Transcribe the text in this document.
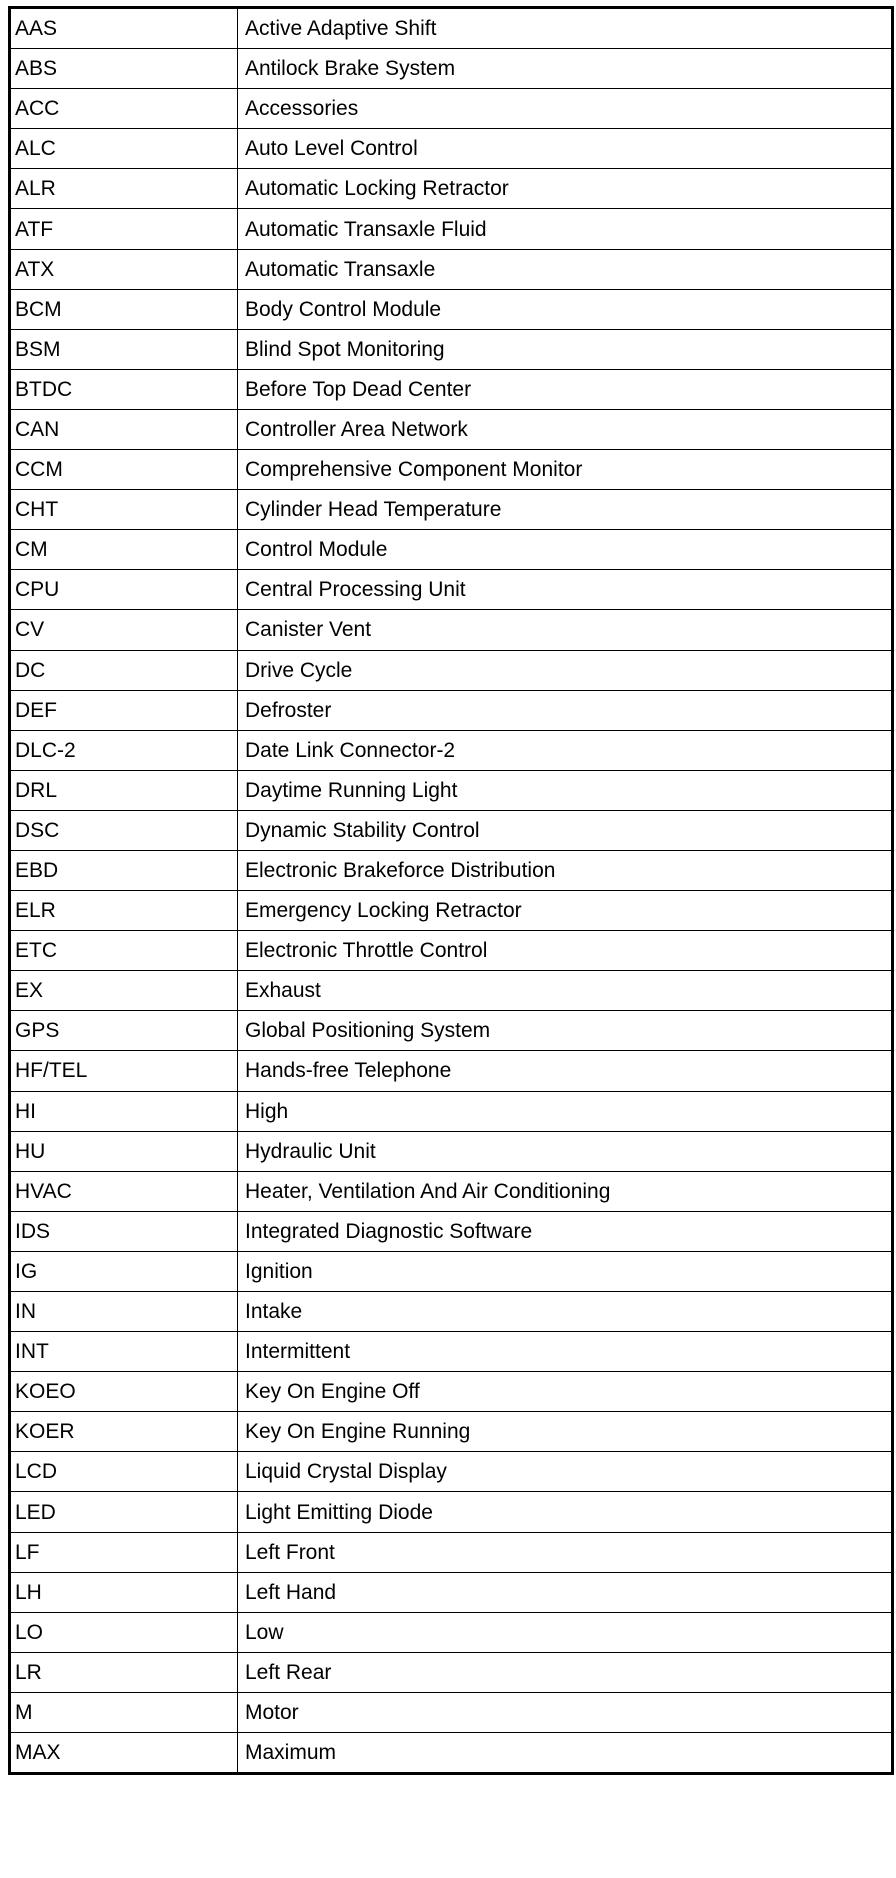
AAS	Active Adaptive Shift
ABS	Antilock Brake System
ACC	Accessories
ALC	Auto Level Control
ALR	Automatic Locking Retractor
ATF	Automatic Transaxle Fluid
ATX	Automatic Transaxle
BCM	Body Control Module
BSM	Blind Spot Monitoring
BTDC	Before Top Dead Center
CAN	Controller Area Network
CCM	Comprehensive Component Monitor
CHT	Cylinder Head Temperature
CM	Control Module
CPU	Central Processing Unit
CV	Canister Vent
DC	Drive Cycle
DEF	Defroster
DLC-2	Date Link Connector-2
DRL	Daytime Running Light
DSC	Dynamic Stability Control
EBD	Electronic Brakeforce Distribution
ELR	Emergency Locking Retractor
ETC	Electronic Throttle Control
EX	Exhaust
GPS	Global Positioning System
HF/TEL	Hands-free Telephone
HI	High
HU	Hydraulic Unit
HVAC	Heater, Ventilation And Air Conditioning
IDS	Integrated Diagnostic Software
IG	Ignition
IN	Intake
INT	Intermittent
KOEO	Key On Engine Off
KOER	Key On Engine Running
LCD	Liquid Crystal Display
LED	Light Emitting Diode
LF	Left Front
LH	Left Hand
LO	Low
LR	Left Rear
M	Motor
MAX	Maximum
